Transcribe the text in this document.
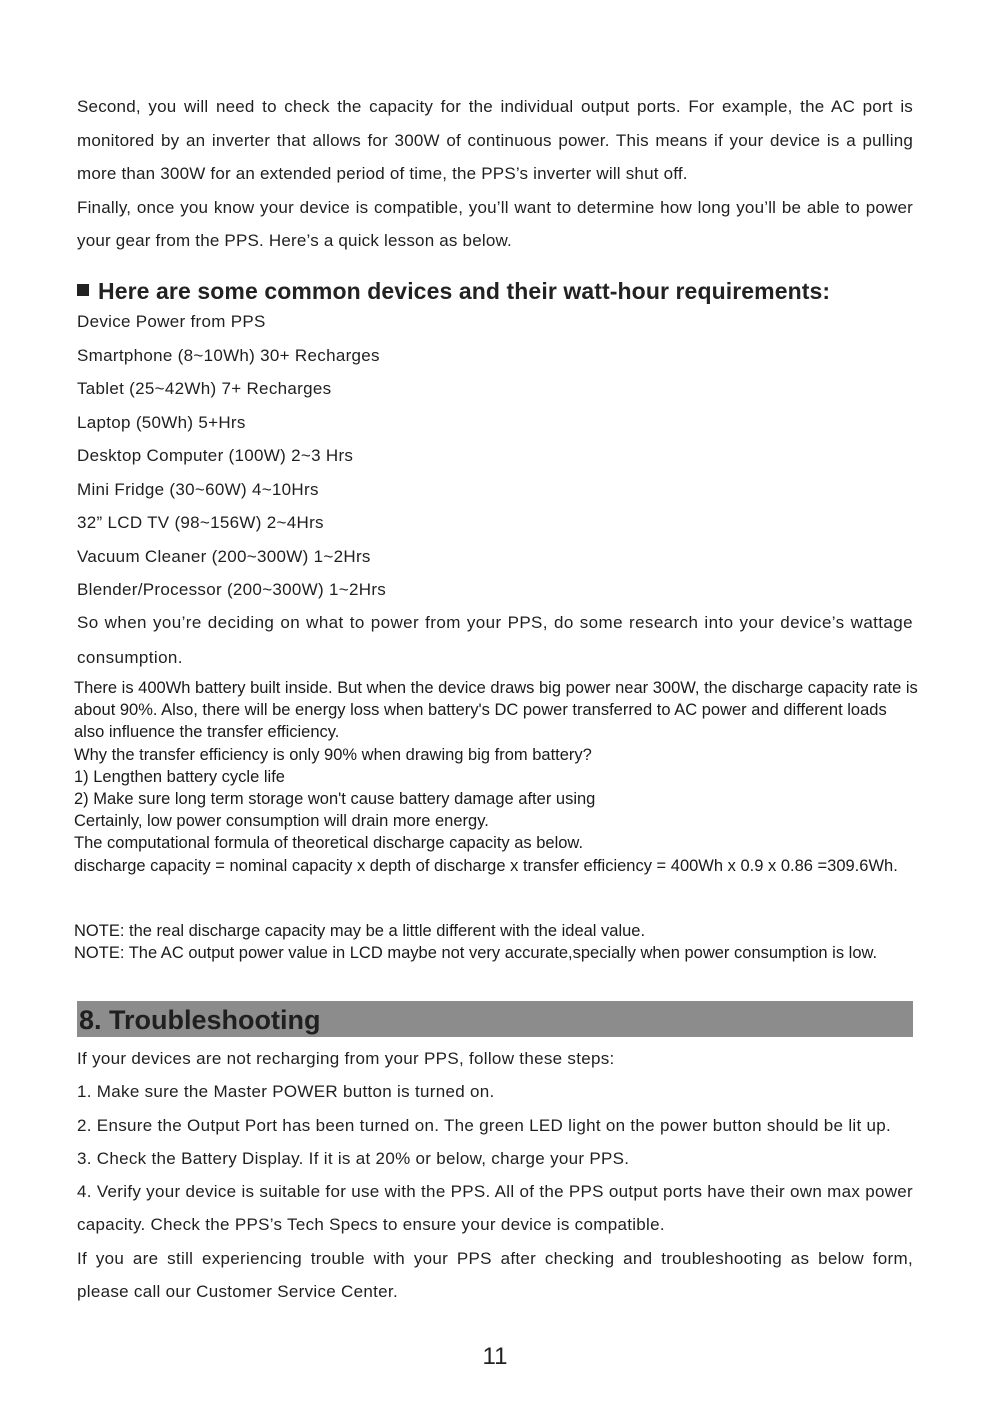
Second, you will need to check the capacity for the individual output ports. For example, the AC port is monitored by an inverter that allows for 300W of continuous power. This means if your device is a pulling more than 300W for an extended period of time, the PPS’s inverter will shut off.

Finally, once you know your device is compatible, you’ll want to determine how long you’ll be able to power your gear from the PPS. Here’s a quick lesson as below.

Here are some common devices and their watt-hour requirements:
Device Power from PPS
Smartphone (8~10Wh) 30+ Recharges
Tablet (25~42Wh) 7+ Recharges
Laptop (50Wh) 5+Hrs
Desktop Computer (100W) 2~3 Hrs
Mini Fridge (30~60W) 4~10Hrs
32” LCD TV (98~156W) 2~4Hrs
Vacuum Cleaner (200~300W) 1~2Hrs
Blender/Processor (200~300W) 1~2Hrs

So when you’re deciding on what to power from your PPS, do some research into your device’s wattage consumption.

There is 400Wh battery built inside. But when the device draws big power near 300W, the discharge capacity rate is about 90%. Also, there will be energy loss when battery's DC power transferred to AC power and different loads also influence the transfer efficiency.

Why the transfer efficiency is only 90% when drawing big from battery?

1) Lengthen battery cycle life

2) Make sure long term storage won't cause battery damage after using

Certainly, low power consumption will drain more energy.

The computational formula of theoretical discharge capacity as below.

discharge capacity = nominal capacity x depth of discharge x transfer efficiency = 400Wh x 0.9 x 0.86 =309.6Wh.

NOTE: the real discharge capacity may be a little different with the ideal value.

NOTE: The AC output power value in LCD maybe not very accurate,specially when power consumption is low.

8. Troubleshooting

If your devices are not recharging from your PPS, follow these steps:

1. Make sure the Master POWER button is turned on.

2. Ensure the Output Port has been turned on. The green LED light on the power button should be lit up.

3. Check the Battery Display. If it is at 20% or below, charge your PPS.

4. Verify your device is suitable for use with the PPS. All of the PPS output ports have their own max power capacity. Check the PPS’s Tech Specs to ensure your device is compatible.

If you are still experiencing trouble with your PPS after checking and troubleshooting as below form, please call our Customer Service Center.

11
